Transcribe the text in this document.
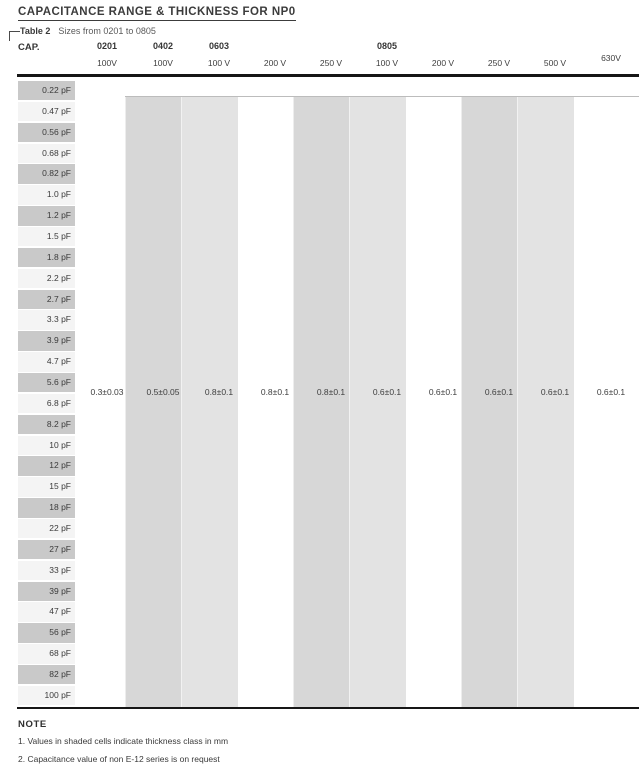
CAPACITANCE RANGE & THICKNESS FOR NP0
Table 2 Sizes from 0201 to 0805
CAP.	0201
100V
0.3±0.03
0402
100V
0.5±0.05
0603
100 V
0.8±0.1
200 V
0.8±0.1
250 V
0.8±0.1
0805
100 V
0.6±0.1
200 V
0.6±0.1
250 V
0.6±0.1
500 V
0.6±0.1
630V
0.6±0.1
0.22 pF
0.47 pF
0.56 pF
0.68 pF
0.82 pF
1.0 pF
1.2 pF
1.5 pF
1.8 pF
2.2 pF
2.7 pF
3.3 pF
3.9 pF
4.7 pF
5.6 pF
6.8 pF
8.2 pF
10 pF
12 pF
15 pF
18 pF
22 pF
27 pF
33 pF
39 pF
47 pF
56 pF
68 pF
82 pF
100 pF
NOTE
1. Values in shaded cells indicate thickness class in mm
2. Capacitance value of non E-12 series is on request
